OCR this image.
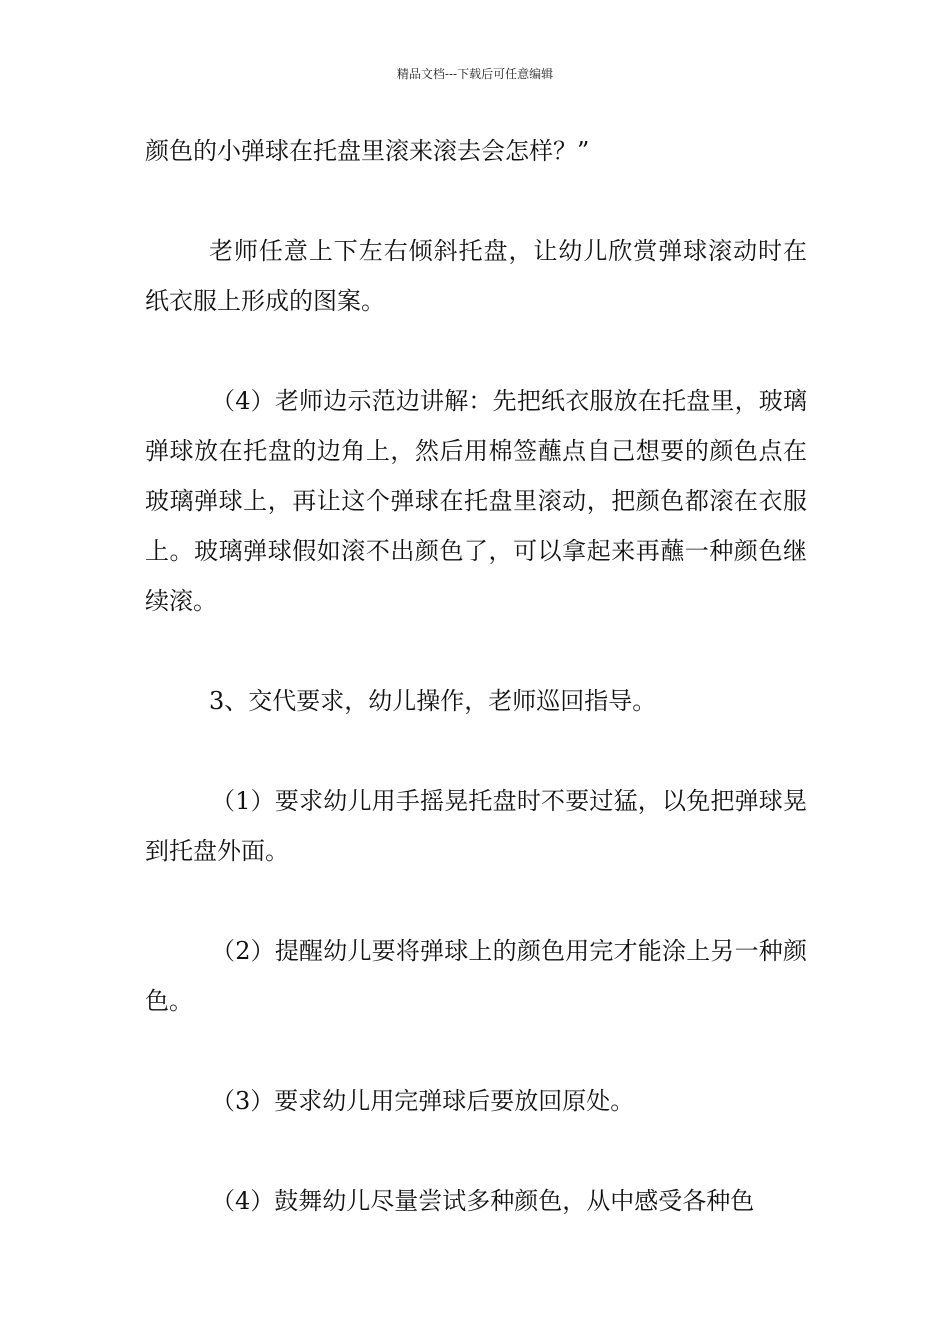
精品文档---下载后可任意编辑

颜色的小弹球在托盘里滚来滚去会怎样？”

老师任意上下左右倾斜托盘，让幼儿欣赏弹球滚动时在纸衣服上形成的图案。

（4）老师边示范边讲解：先把纸衣服放在托盘里，玻璃弹球放在托盘的边角上，然后用棉签蘸点自己想要的颜色点在玻璃弹球上，再让这个弹球在托盘里滚动，把颜色都滚在衣服上。玻璃弹球假如滚不出颜色了，可以拿起来再蘸一种颜色继续滚。

3、交代要求，幼儿操作，老师巡回指导。

（1）要求幼儿用手摇晃托盘时不要过猛，以免把弹球晃到托盘外面。

（2）提醒幼儿要将弹球上的颜色用完才能涂上另一种颜色。

（3）要求幼儿用完弹球后要放回原处。

（4）鼓舞幼儿尽量尝试多种颜色，从中感受各种色
